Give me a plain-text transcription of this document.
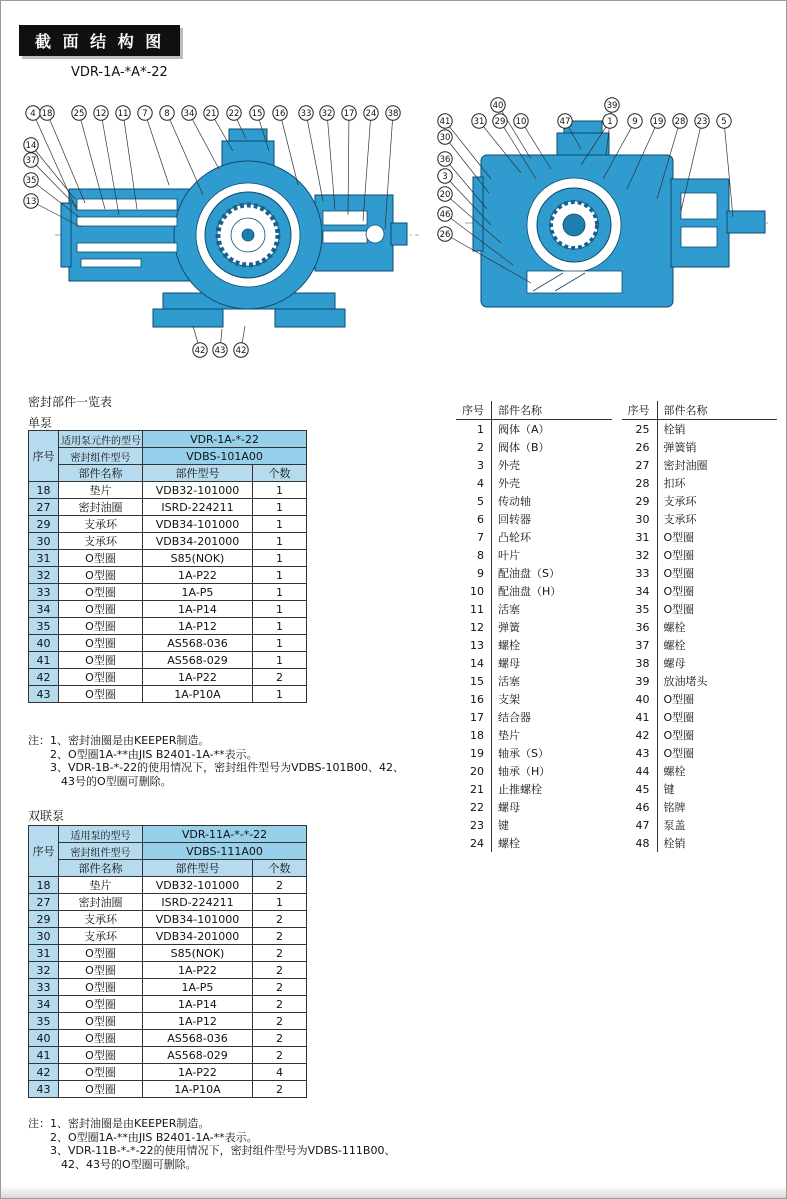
截 面 结 构 图
VDR-1A-*A*-22
4 18 25 12 11 7 8 34 21 22 15 16 33 32 17 24 38
14
37
35
13
42 43 42
40	39
31 29 10	47	1 9 19 28 23 5
41
30
36
3
20
46
26
密封部件一览表
单泵
序号	适用泵元件的型号	VDR-1A-*-22	
	密封组件型号	VDBS-101A00	
	部件名称	部件型号	个数
18	垫片	VDB32-101000	1
27	密封油圈	ISRD-224211	1
29	支承环	VDB34-101000	1
30	支承环	VDB34-201000	1
31	O型圈	S85(NOK)	1
32	O型圈	1A-P22	1
33	O型圈	1A-P5	1
34	O型圈	1A-P14	1
35	O型圈	1A-P12	1
40	O型圈	AS568-036	1
41	O型圈	AS568-029	1
42	O型圈	1A-P22	2
43	O型圈	1A-P10A	1
注：1、密封油圈是由KEEPER制造。
　　2、O型圈1A-**由JIS B2401-1A-**表示。
　　3、VDR-1B-*-22的使用情况下，密封组件型号为VDBS-101B00、42、
　　　43号的O型圈可删除。
序号	部件名称
1	阀体（A）
2	阀体（B）
3	外壳
4	外壳
5	传动轴
6	回转器
7	凸轮环
8	叶片
9	配油盘（S）
10	配油盘（H）
11	活塞
12	弹簧
13	螺栓
14	螺母
15	活塞
16	支架
17	结合器
18	垫片
19	轴承（S）
20	轴承（H）
21	止推螺栓
22	螺母
23	键
24	螺栓
序号	部件名称
25	栓销
26	弹簧销
27	密封油圈
28	扣环
29	支承环
30	支承环
31	O型圈
32	O型圈
33	O型圈
34	O型圈
35	O型圈
36	螺栓
37	螺栓
38	螺母
39	放油堵头
40	O型圈
41	O型圈
42	O型圈
43	O型圈
44	螺栓
45	键
46	铭牌
47	泵盖
48	栓销
双联泵
序号	适用泵的型号	VDR-11A-*-*-22	
	密封组件型号	VDBS-111A00	
	部件名称	部件型号	个数
18	垫片	VDB32-101000	2
27	密封油圈	ISRD-224211	1
29	支承环	VDB34-101000	2
30	支承环	VDB34-201000	2
31	O型圈	S85(NOK)	2
32	O型圈	1A-P22	2
33	O型圈	1A-P5	2
34	O型圈	1A-P14	2
35	O型圈	1A-P12	2
40	O型圈	AS568-036	2
41	O型圈	AS568-029	2
42	O型圈	1A-P22	4
43	O型圈	1A-P10A	2
注：1、密封油圈是由KEEPER制造。
　　2、O型圈1A-**由JIS B2401-1A-**表示。
　　3、VDR-11B-*-*-22的使用情况下，密封组件型号为VDBS-111B00、
　　　42、43号的O型圈可删除。
